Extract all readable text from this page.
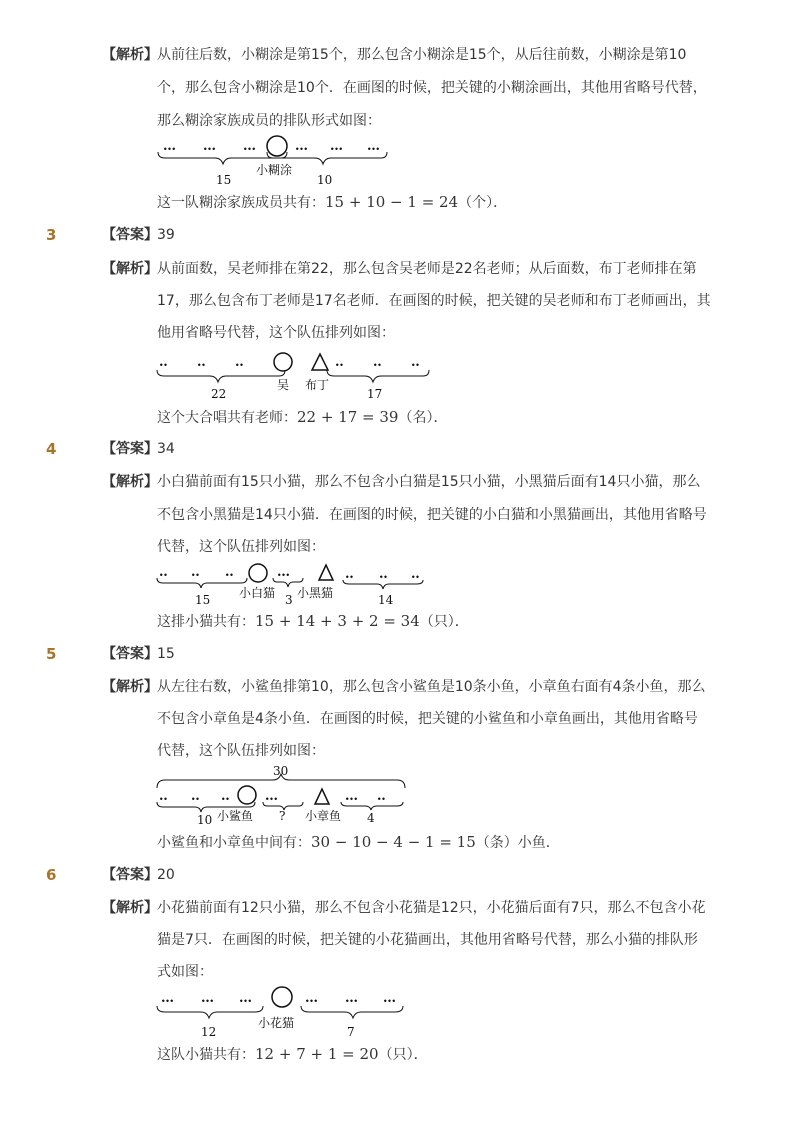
【解析】 从前往后数，小糊涂是第15个，那么包含小糊涂是15个，从后往前数，小糊涂是第10
个，那么包含小糊涂是10个．在画图的时候，把关键的小糊涂画出，其他用省略号代替，
那么糊涂家族成员的排队形式如图：
… … …	… … …
小糊涂
15	10
这一队糊涂家族成员共有：15 + 10 − 1 = 24（个）．
3	【答案】 39
【解析】 从前面数，吴老师排在第22，那么包含吴老师是22名老师；从后面数，布丁老师排在第
17，那么包含布丁老师是17名老师．在画图的时候，把关键的吴老师和布丁老师画出，其
他用省略号代替，这个队伍排列如图：
‥ ‥ ‥	‥ ‥ ‥
吴 布丁
22	17
这个大合唱共有老师：22 + 17 = 39（名）．
4	【答案】 34
【解析】 小白猫前面有15只小猫，那么不包含小白猫是15只小猫，小黑猫后面有14只小猫，那么
不包含小黑猫是14只小猫．在画图的时候，把关键的小白猫和小黑猫画出，其他用省略号
代替，这个队伍排列如图：
‥ ‥ ‥	…	‥ ‥ ‥
小白猫 小黑猫
15	3	14
这排小猫共有：15 + 14 + 3 + 2 = 34（只）．
5	【答案】 15
【解析】 从左往右数，小鲨鱼排第10，那么包含小鲨鱼是10条小鱼，小章鱼右面有4条小鱼，那么
不包含小章鱼是4条小鱼．在画图的时候，把关键的小鲨鱼和小章鱼画出，其他用省略号
代替，这个队伍排列如图：
30
‥ ‥ ‥	…	… ‥
10 小鲨鱼 ? 小章鱼 4
小鲨鱼和小章鱼中间有：30 − 10 − 4 − 1 = 15（条）小鱼．
6	【答案】 20
【解析】 小花猫前面有12只小猫，那么不包含小花猫是12只，小花猫后面有7只，那么不包含小花
猫是7只．在画图的时候，把关键的小花猫画出，其他用省略号代替，那么小猫的排队形
式如图：
… … …	… … …
小花猫
12	7
这队小猫共有：12 + 7 + 1 = 20（只）．
